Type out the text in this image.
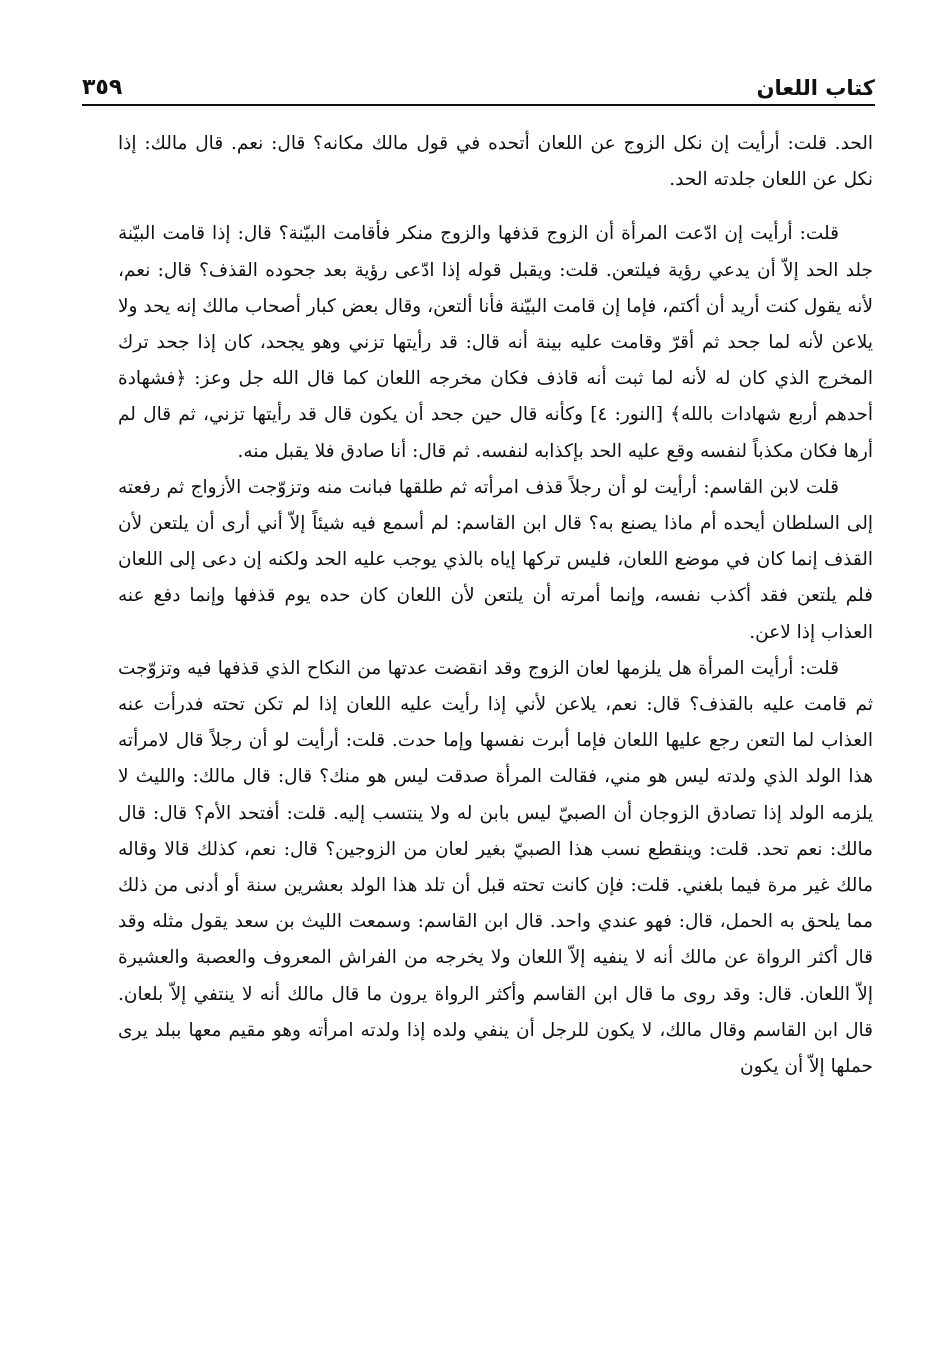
كتاب اللعان
٣٥٩

الحد. قلت: أرأيت إن نكل الزوج عن اللعان أتحده في قول مالك مكانه؟ قال: نعم. قال مالك: إذا نكل عن اللعان جلدته الحد.

قلت: أرأيت إن ادّعت المرأة أن الزوج قذفها والزوج منكر فأقامت البيّنة؟ قال: إذا قامت البيّنة جلد الحد إلاّ أن يدعي رؤية فيلتعن. قلت: ويقبل قوله إذا ادّعى رؤية بعد جحوده القذف؟ قال: نعم، لأنه يقول كنت أريد أن أكتم، فإما إن قامت البيّنة فأنا ألتعن، وقال بعض كبار أصحاب مالك إنه يحد ولا يلاعن لأنه لما جحد ثم أقرّ وقامت عليه بينة أنه قال: قد رأيتها تزني وهو يجحد، كان إذا جحد ترك المخرج الذي كان له لأنه لما ثبت أنه قاذف فكان مخرجه اللعان كما قال الله جل وعز: ﴿فشهادة أحدهم أربع شهادات بالله﴾ [النور: ٤] وكأنه قال حين جحد أن يكون قال قد رأيتها تزني، ثم قال لم أرها فكان مكذباً لنفسه وقع عليه الحد بإكذابه لنفسه. ثم قال: أنا صادق فلا يقبل منه.

قلت لابن القاسم: أرأيت لو أن رجلاً قذف امرأته ثم طلقها فبانت منه وتزوّجت الأزواج ثم رفعته إلى السلطان أيحده أم ماذا يصنع به؟ قال ابن القاسم: لم أسمع فيه شيئاً إلاّ أني أرى أن يلتعن لأن القذف إنما كان في موضع اللعان، فليس تركها إياه بالذي يوجب عليه الحد ولكنه إن دعى إلى اللعان فلم يلتعن فقد أكذب نفسه، وإنما أمرته أن يلتعن لأن اللعان كان حده يوم قذفها وإنما دفع عنه العذاب إذا لاعن.

قلت: أرأيت المرأة هل يلزمها لعان الزوج وقد انقضت عدتها من النكاح الذي قذفها فيه وتزوّجت ثم قامت عليه بالقذف؟ قال: نعم، يلاعن لأني إذا رأيت عليه اللعان إذا لم تكن تحته فدرأت عنه العذاب لما التعن رجع عليها اللعان فإما أبرت نفسها وإما حدت. قلت: أرأيت لو أن رجلاً قال لامرأته هذا الولد الذي ولدته ليس هو مني، فقالت المرأة صدقت ليس هو منك؟ قال: قال مالك: والليث لا يلزمه الولد إذا تصادق الزوجان أن الصبيّ ليس بابن له ولا ينتسب إليه. قلت: أفتحد الأم؟ قال: قال مالك: نعم تحد. قلت: وينقطع نسب هذا الصبيّ بغير لعان من الزوجين؟ قال: نعم، كذلك قالا وقاله مالك غير مرة فيما بلغني. قلت: فإن كانت تحته قبل أن تلد هذا الولد بعشرين سنة أو أدنى من ذلك مما يلحق به الحمل، قال: فهو عندي واحد. قال ابن القاسم: وسمعت الليث بن سعد يقول مثله وقد قال أكثر الرواة عن مالك أنه لا ينفيه إلاّ اللعان ولا يخرجه من الفراش المعروف والعصبة والعشيرة إلاّ اللعان. قال: وقد روى ما قال ابن القاسم وأكثر الرواة يرون ما قال مالك أنه لا ينتفي إلاّ بلعان. قال ابن القاسم وقال مالك، لا يكون للرجل أن ينفي ولده إذا ولدته امرأته وهو مقيم معها ببلد يرى حملها إلاّ أن يكون
